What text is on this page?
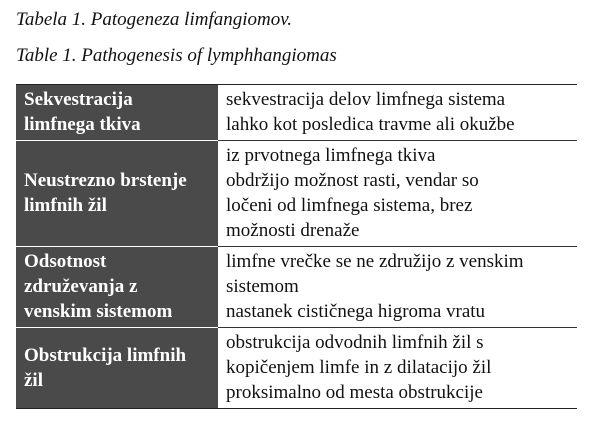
Tabela 1. Patogeneza limfangiomov.
Table 1. Pathogenesis of lymphhangiomas
Sekvestracija
limfnega tkiva	sekvestracija delov limfnega sistema
lahko kot posledica travme ali okužbe

Neustrezno brstenje
limfnih žil	iz prvotnega limfnega tkiva
obdržijo možnost rasti, vendar so
ločeni od limfnega sistema, brez
možnosti drenaže

Odsotnost
združevanja z
venskim sistemom	limfne vrečke se ne združijo z venskim
sistemom
nastanek cističnega higroma vratu

Obstrukcija limfnih
žil	obstrukcija odvodnih limfnih žil s
kopičenjem limfe in z dilatacijo žil
proksimalno od mesta obstrukcije
